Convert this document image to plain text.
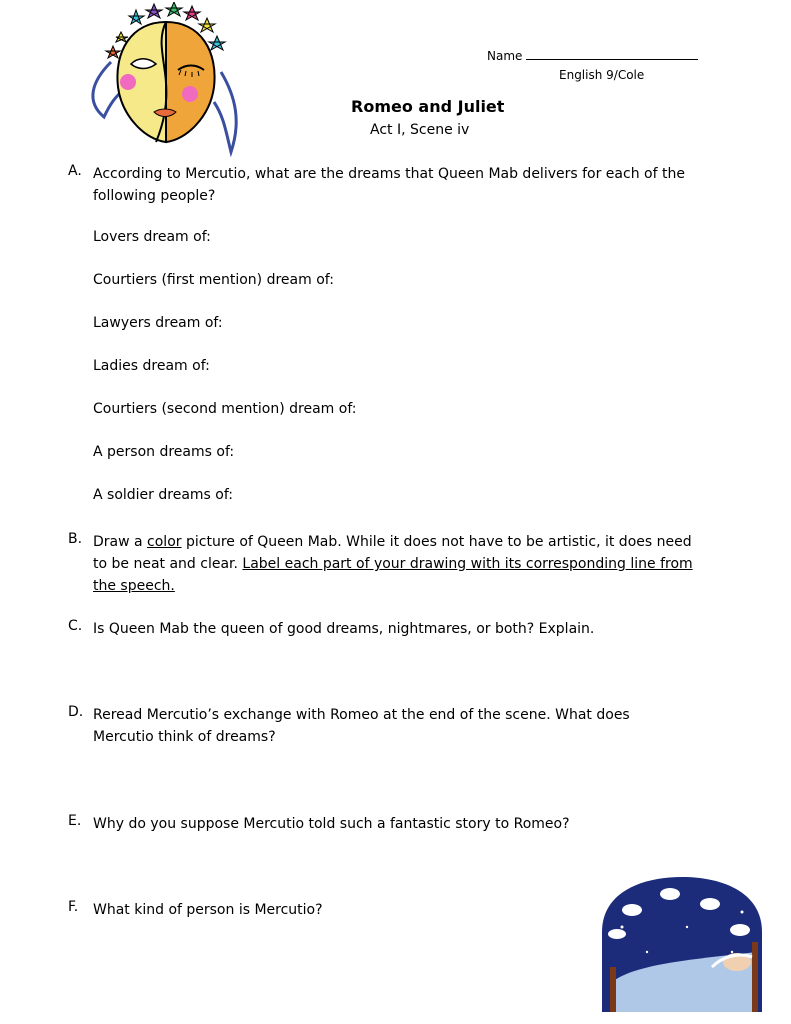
Name
English 9/Cole
Romeo and Juliet
Act I, Scene iv
A. According to Mercutio, what are the dreams that Queen Mab delivers for each of the following people?
Lovers dream of:
Courtiers (first mention) dream of:
Lawyers dream of:
Ladies dream of:
Courtiers (second mention) dream of:
A person dreams of:
A soldier dreams of:
B. Draw a color picture of Queen Mab. While it does not have to be artistic, it does need to be neat and clear. Label each part of your drawing with its corresponding line from the speech.
C. Is Queen Mab the queen of good dreams, nightmares, or both? Explain.
D. Reread Mercutio’s exchange with Romeo at the end of the scene. What does Mercutio think of dreams?
E. Why do you suppose Mercutio told such a fantastic story to Romeo?
F. What kind of person is Mercutio?
